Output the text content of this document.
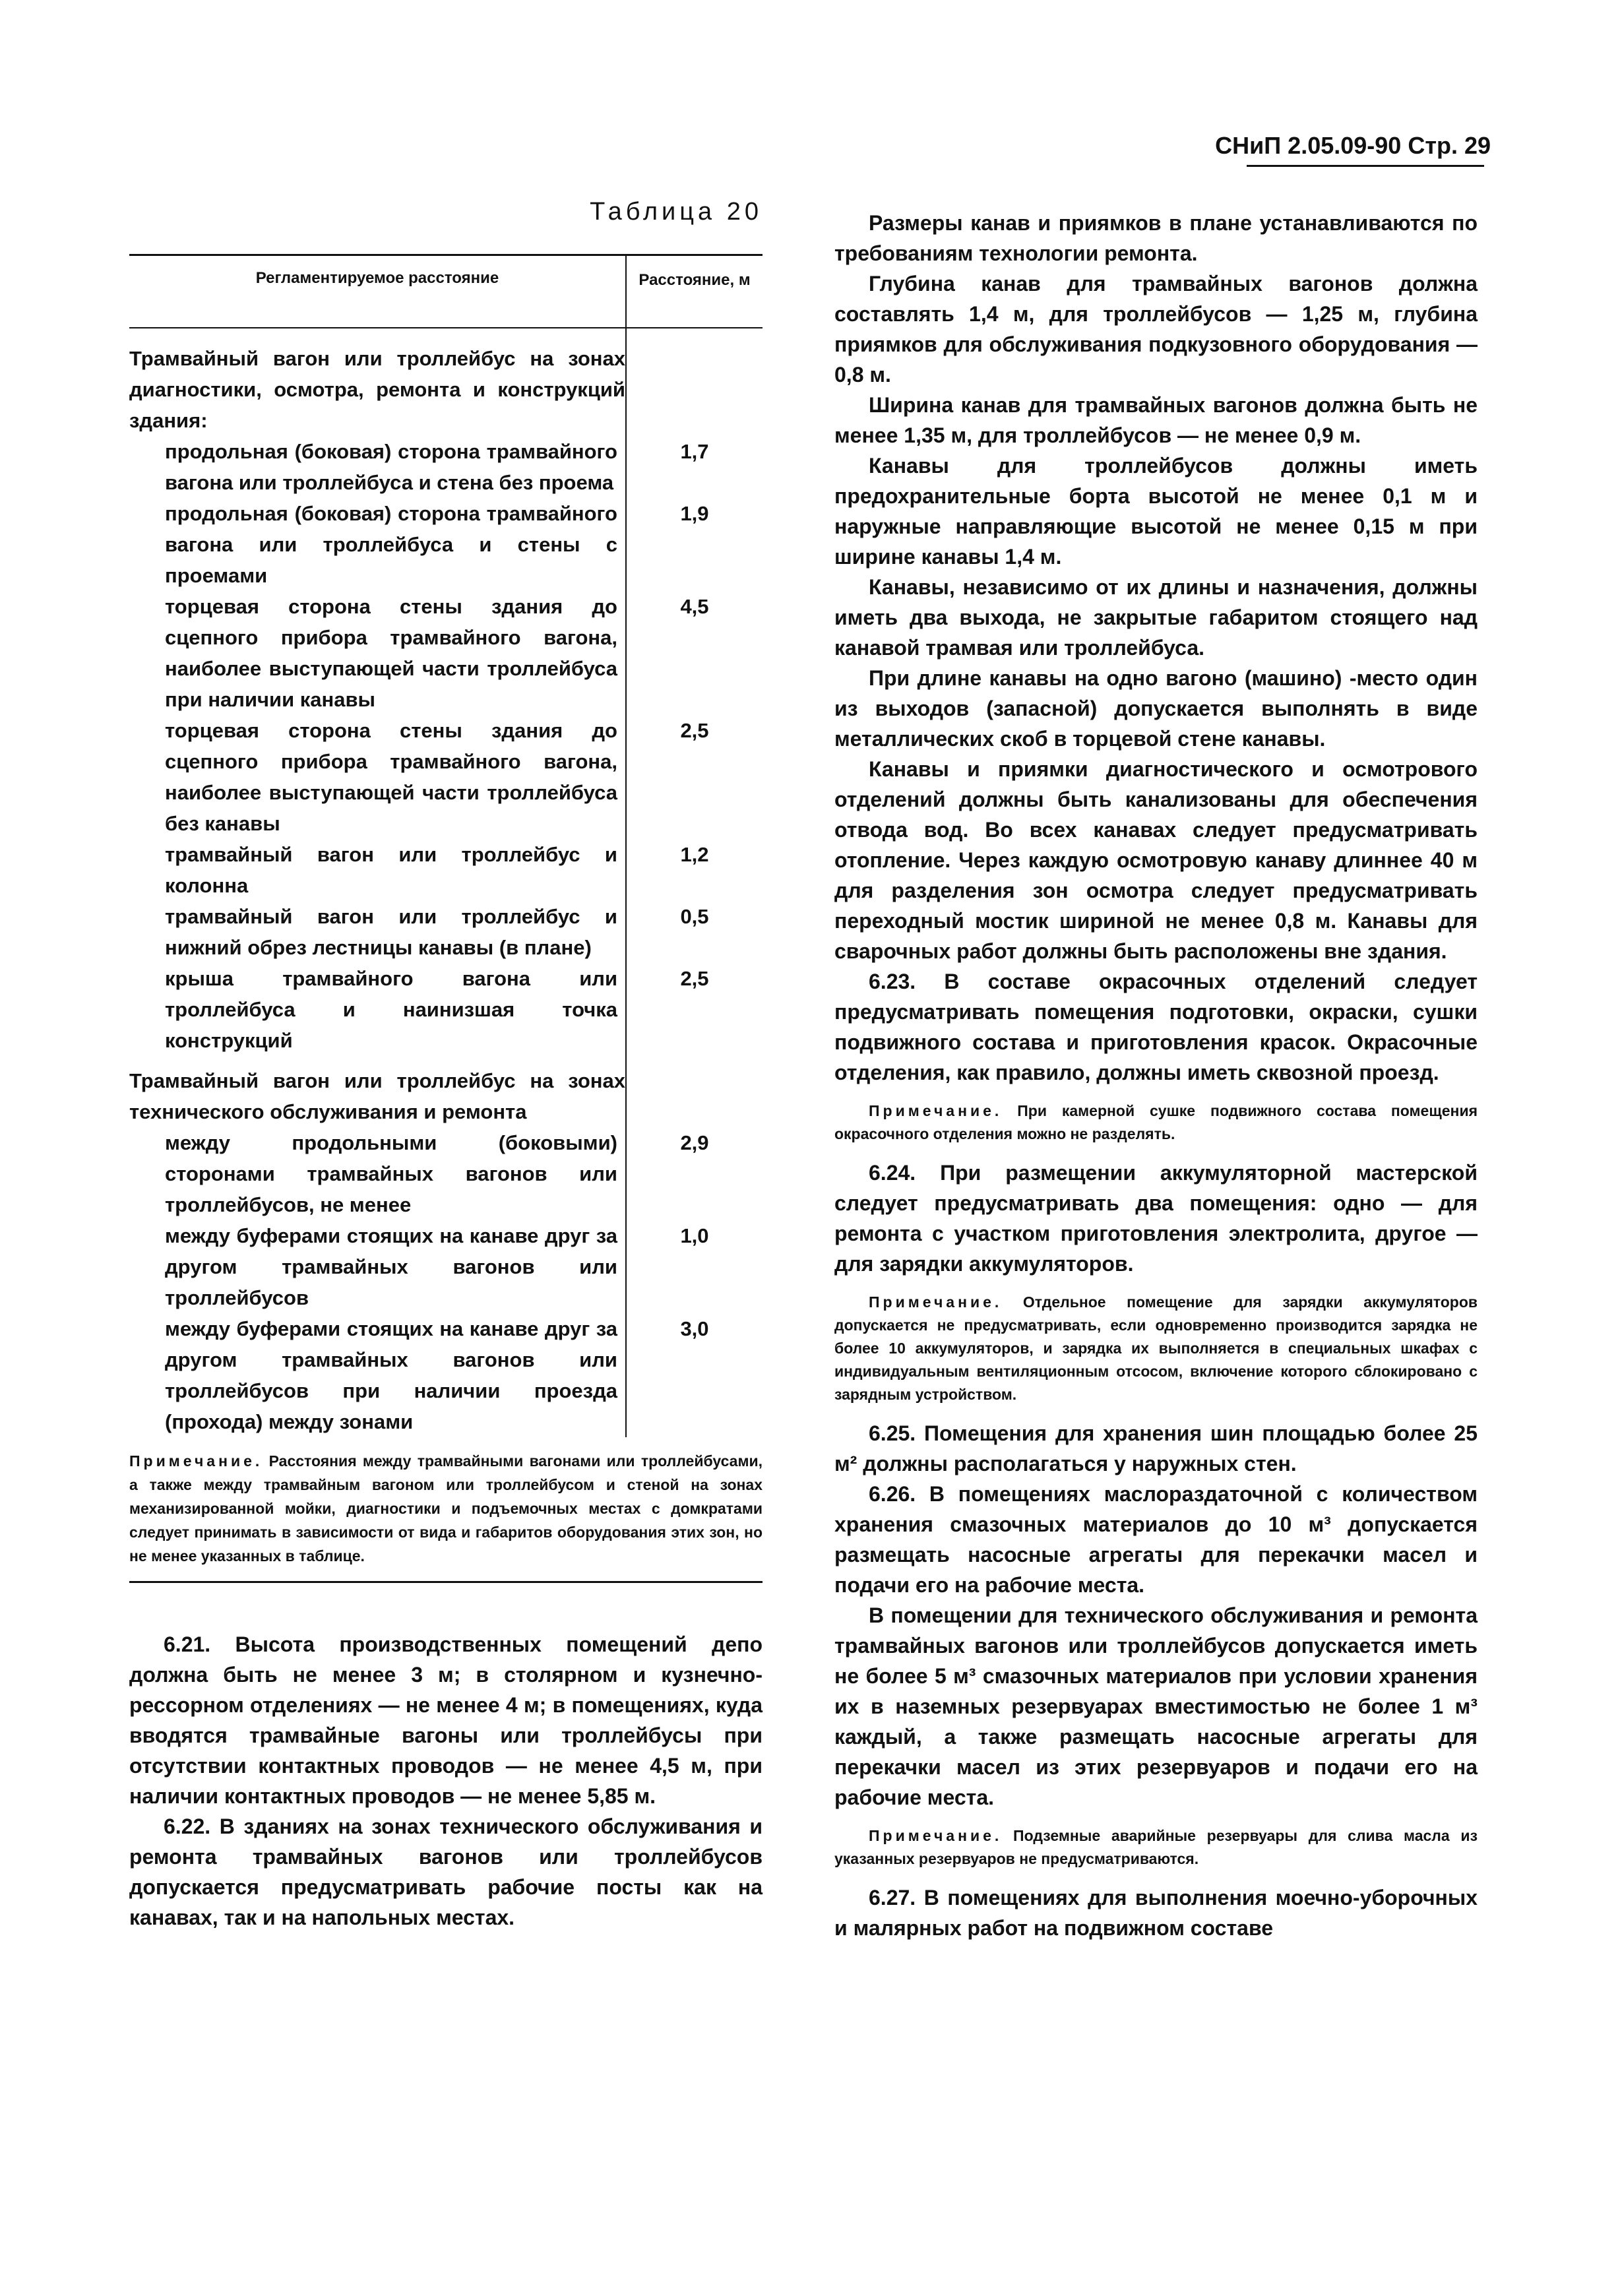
СНиП 2.05.09-90 Стр. 29
Таблица 20
Регламентируемое расстояние	Расстояние, м
Трамвайный вагон или троллейбус на зонах диагностики, осмотра, ремонта и конструкций здания:
продольная (боковая) сторона трамвайного вагона или троллейбуса и стена без проема
продольная (боковая) сторона трамвайного вагона или троллейбуса и стены с проемами
торцевая сторона стены здания до сцепного прибора трамвайного вагона, наиболее выступающей части троллейбуса при наличии канавы
торцевая сторона стены здания до сцепного прибора трамвайного вагона, наиболее выступающей части троллейбуса без канавы
трамвайный вагон или троллейбус и колонна
трамвайный вагон или троллейбус и нижний обрез лестницы канавы (в плане)
крыша трамвайного вагона или троллейбуса и наинизшая точка конструкций
Трамвайный вагон или троллейбус на зонах технического обслуживания и ремонта
между продольными (боковыми) сторонами трамвайных вагонов или троллейбусов, не менее
между буферами стоящих на канаве друг за другом трамвайных вагонов или троллейбусов
между буферами стоящих на канаве друг за другом трамвайных вагонов или троллейбусов при наличии проезда (прохода) между зонами
1,7
1,9
4,5
2,5
1,2
0,5
2,5
2,9
1,0
3,0
Примечание. Расстояния между трамвайными вагонами или троллейбусами, а также между трамвайным вагоном или троллейбусом и стеной на зонах механизированной мойки, диагностики и подъемочных местах с домкратами следует принимать в зависимости от вида и габаритов оборудования этих зон, но не менее указанных в таблице.

6.21. Высота производственных помещений депо должна быть не менее 3 м; в столярном и кузнечно-рессорном отделениях — не менее 4 м; в помещениях, куда вводятся трамвайные вагоны или троллейбусы при отсутствии контактных проводов — не менее 4,5 м, при наличии контактных проводов — не менее 5,85 м.

6.22. В зданиях на зонах технического обслуживания и ремонта трамвайных вагонов или троллейбусов допускается предусматривать рабочие посты как на канавах, так и на напольных местах.

Размеры канав и приямков в плане устанавливаются по требованиям технологии ремонта.

Глубина канав для трамвайных вагонов должна составлять 1,4 м, для троллейбусов — 1,25 м, глубина приямков для обслуживания подкузовного оборудования — 0,8 м.

Ширина канав для трамвайных вагонов должна быть не менее 1,35 м, для троллейбусов — не менее 0,9 м.

Канавы для троллейбусов должны иметь предохранительные борта высотой не менее 0,1 м и наружные направляющие высотой не менее 0,15 м при ширине канавы 1,4 м.

Канавы, независимо от их длины и назначения, должны иметь два выхода, не закрытые габаритом стоящего над канавой трамвая или троллейбуса.

При длине канавы на одно вагоно (машино) -место один из выходов (запасной) допускается выполнять в виде металлических скоб в торцевой стене канавы.

Канавы и приямки диагностического и осмотрового отделений должны быть канализованы для обеспечения отвода вод. Во всех канавах следует предусматривать отопление. Через каждую осмотровую канаву длиннее 40 м для разделения зон осмотра следует предусматривать переходный мостик шириной не менее 0,8 м. Канавы для сварочных работ должны быть расположены вне здания.

6.23. В составе окрасочных отделений следует предусматривать помещения подготовки, окраски, сушки подвижного состава и приготовления красок. Окрасочные отделения, как правило, должны иметь сквозной проезд.

Примечание. При камерной сушке подвижного состава помещения окрасочного отделения можно не разделять.

6.24. При размещении аккумуляторной мастерской следует предусматривать два помещения: одно — для ремонта с участком приготовления электролита, другое — для зарядки аккумуляторов.

Примечание. Отдельное помещение для зарядки аккумуляторов допускается не предусматривать, если одновременно производится зарядка не более 10 аккумуляторов, и зарядка их выполняется в специальных шкафах с индивидуальным вентиляционным отсосом, включение которого сблокировано с зарядным устройством.

6.25. Помещения для хранения шин площадью более 25 м² должны располагаться у наружных стен.

6.26. В помещениях маслораздаточной с количеством хранения смазочных материалов до 10 м³ допускается размещать насосные агрегаты для перекачки масел и подачи его на рабочие места.

В помещении для технического обслуживания и ремонта трамвайных вагонов или троллейбусов допускается иметь не более 5 м³ смазочных материалов при условии хранения их в наземных резервуарах вместимостью не более 1 м³ каждый, а также размещать насосные агрегаты для перекачки масел из этих резервуаров и подачи его на рабочие места.

Примечание. Подземные аварийные резервуары для слива масла из указанных резервуаров не предусматриваются.

6.27. В помещениях для выполнения моечно-уборочных и малярных работ на подвижном составе
